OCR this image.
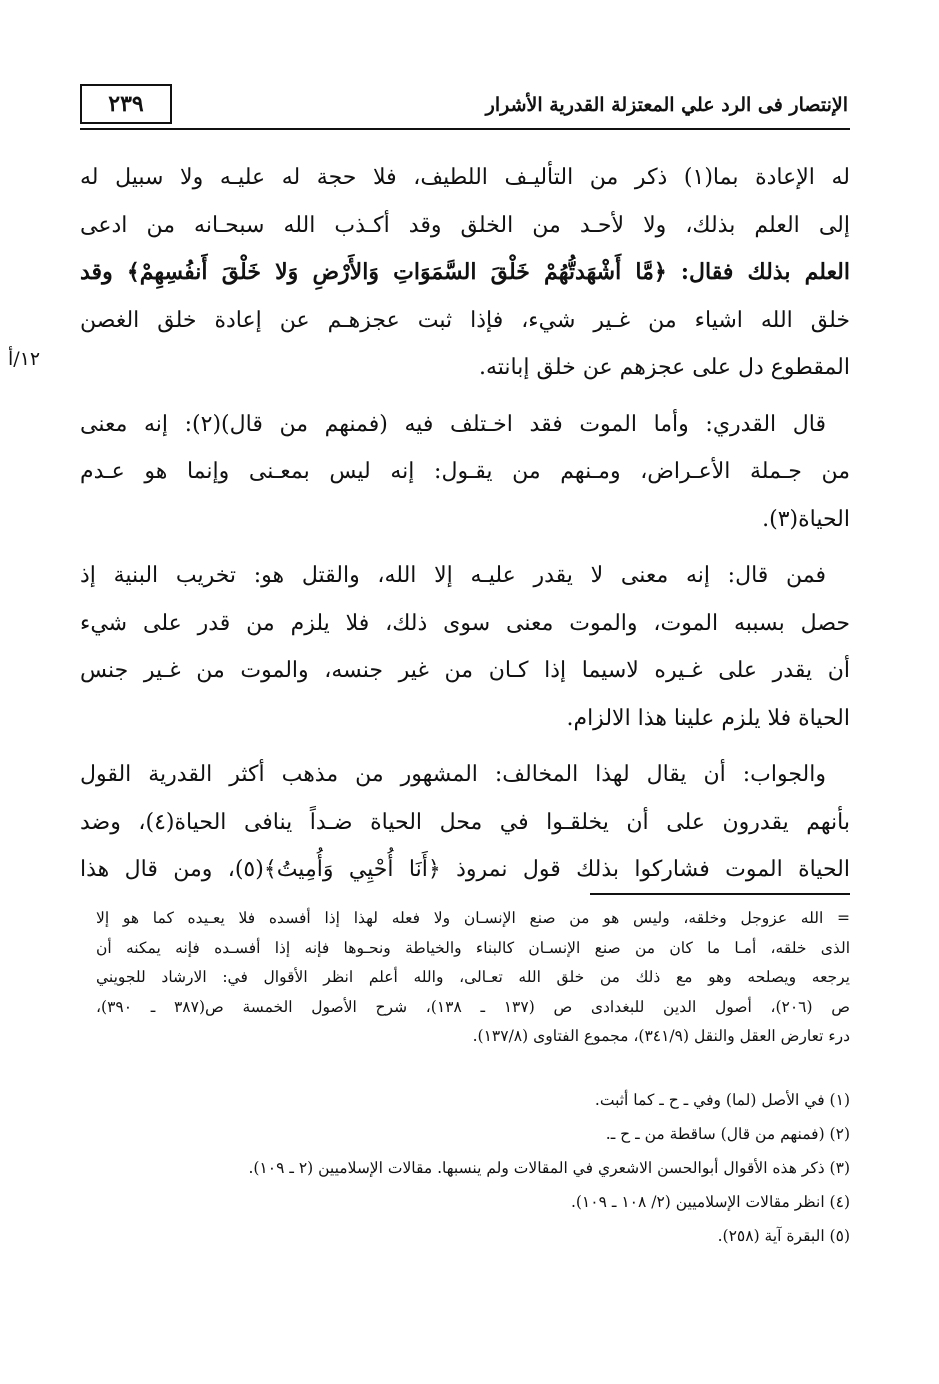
٢٣٩	الإنتصار فى الرد علي المعتزلة القدرية الأشرار
١٢/أ

له الإعادة بما(١) ذكر من التأليـف اللطيف، فلا حجة له عليـه ولا سبيل له
إلى العلم بذلك، ولا لأحـد من الخلق وقد أكـذب الله سبحـانه من ادعى
العلم بذلك فقال: ﴿مَّا أَشْهَدتُّهُمْ خَلْقَ السَّمَوَاتِ وَالأَرْضِ وَلا خَلْقَ أَنفُسِهِمْ﴾ وقد
خلق الله اشياء من غـير شيء، فإذا ثبت عجزهـم عن إعادة خلق الغصن
المقطوع دل على عجزهم عن خلق إبانته.

قال القدري: وأما الموت فقد اخـتلف فيه (فمنهم من قال)(٢): إنه معنى
من جـملة الأعـراض، ومـنهم من يقـول: إنه ليس بمعـنى وإنما هو عـدم
الحياة(٣).

فمن قال: إنه معنى لا يقدر عليـه إلا الله، والقتل هو: تخريب البنية إذ
حصل بسببه الموت، والموت معنى سوى ذلك، فلا يلزم من قدر على شيء
أن يقدر على غـيره لاسيما إذا كـان من غير جنسه، والموت من غـير جنس
الحياة فلا يلزم علينا هذا الالزام.

والجواب: أن يقال لهذا المخالف: المشهور من مذهب أكثر القدرية القول
بأنهم يقدرون على أن يخلقـوا في محل الحياة ضـداً ينافى الحياة(٤)، وضد
الحياة الموت فشاركوا بذلك قول نمروذ ﴿أَنَا أُحْيِي وَأُمِيتُ﴾(٥)، ومن قال هذا

= الله عزوجل وخلقه، وليس هو من صنع الإنسـان ولا فعله لهذا إذا أفسده فلا يعـيده كما هو إلا
الذى خلقه، أمـا ما كان من صنع الإنسـان كالبناء والخياطة ونحـوها فإنه إذا أفسـده فإنه يمكنه أن
يرجعه ويصلحه وهو مع ذلك من خلق الله تعـالى، والله أعلم انظر الأقوال في: الارشاد للجويني
ص (٢٠٦)، أصول الدين للبغدادى ص (١٣٧ ـ ١٣٨)، شرح الأصول الخمسة ص(٣٨٧ ـ ٣٩٠)،
درء تعارض العقل والنقل (٣٤١/٩)، مجموع الفتاوى (١٣٧/٨).
(١) في الأصل (لما) وفي ـ ح ـ كما أثبت.
(٢) (فمنهم من قال) ساقطة من ـ ح ـ.
(٣) ذكر هذه الأقوال أبوالحسن الاشعري في المقالات ولم ينسبها. مقالات الإسلاميين (٢ ـ ١٠٩).
(٤) انظر مقالات الإسلاميين (٢/ ١٠٨ ـ ١٠٩).
(٥) البقرة آية (٢٥٨).
